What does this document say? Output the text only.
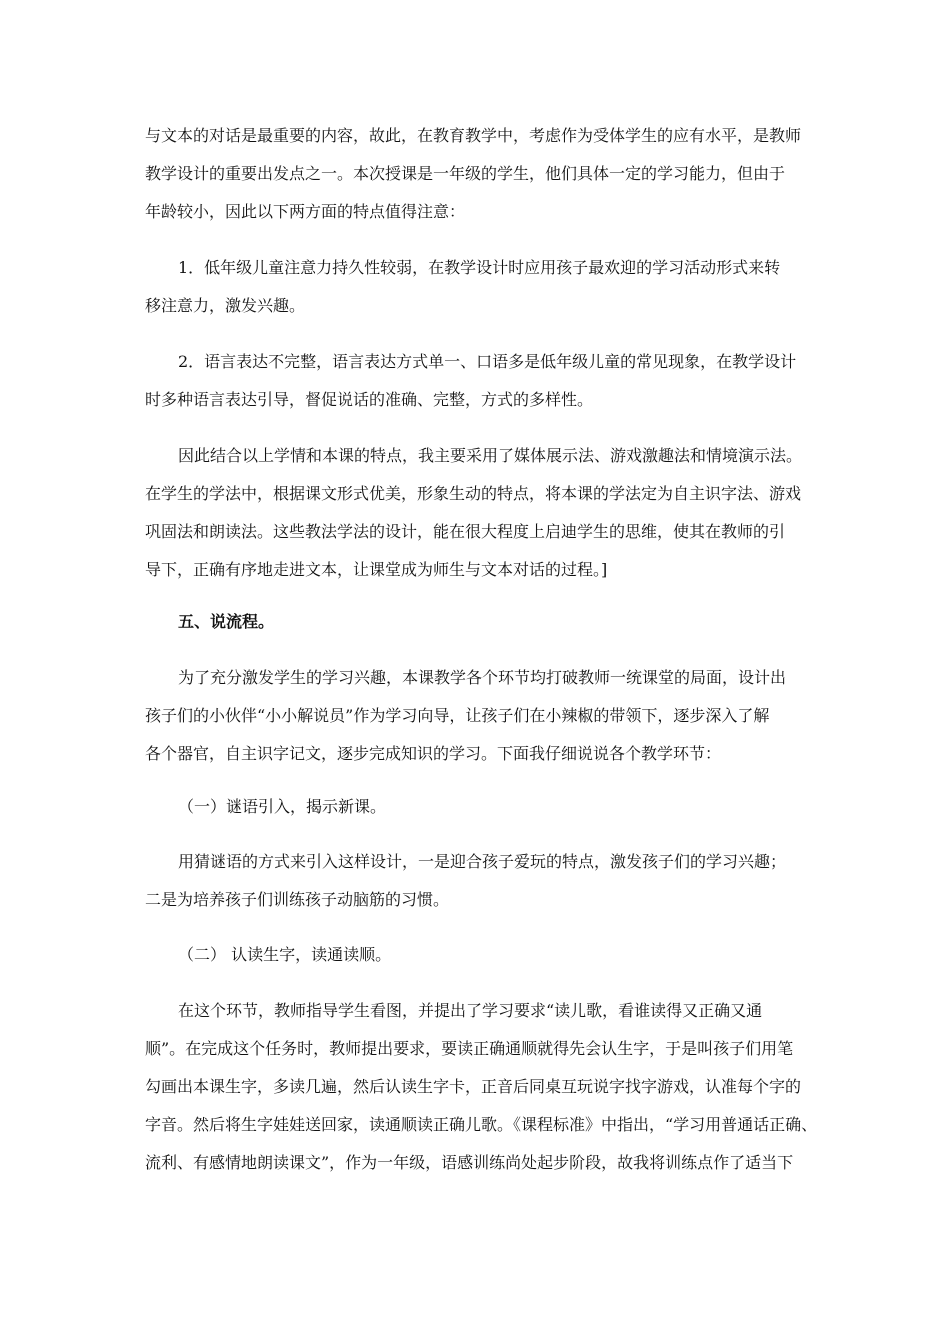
与文本的对话是最重要的内容，故此，在教育教学中，考虑作为受体学生的应有水平，是教师
教学设计的重要出发点之一。本次授课是一年级的学生，他们具体一定的学习能力，但由于
年龄较小，因此以下两方面的特点值得注意：
1．低年级儿童注意力持久性较弱，在教学设计时应用孩子最欢迎的学习活动形式来转
移注意力，激发兴趣。
2．语言表达不完整，语言表达方式单一、口语多是低年级儿童的常见现象，在教学设计
时多种语言表达引导，督促说话的准确、完整，方式的多样性。
因此结合以上学情和本课的特点，我主要采用了媒体展示法、游戏激趣法和情境演示法。
在学生的学法中，根据课文形式优美，形象生动的特点，将本课的学法定为自主识字法、游戏
巩固法和朗读法。这些教法学法的设计，能在很大程度上启迪学生的思维，使其在教师的引
导下，正确有序地走进文本，让课堂成为师生与文本对话的过程。]
五、说流程。
为了充分激发学生的学习兴趣，本课教学各个环节均打破教师一统课堂的局面，设计出
孩子们的小伙伴“小小解说员”作为学习向导，让孩子们在小辣椒的带领下，逐步深入了解
各个器官，自主识字记文，逐步完成知识的学习。下面我仔细说说各个教学环节：
（一）谜语引入，揭示新课。
用猜谜语的方式来引入这样设计，一是迎合孩子爱玩的特点，激发孩子们的学习兴趣；
二是为培养孩子们训练孩子动脑筋的习惯。
（二） 认读生字，读通读顺。
在这个环节，教师指导学生看图，并提出了学习要求“读儿歌，看谁读得又正确又通
顺”。在完成这个任务时，教师提出要求，要读正确通顺就得先会认生字，于是叫孩子们用笔
勾画出本课生字，多读几遍，然后认读生字卡，正音后同桌互玩说字找字游戏，认准每个字的
字音。然后将生字娃娃送回家，读通顺读正确儿歌。《课程标准》中指出，“学习用普通话正确、
流利、有感情地朗读课文”，作为一年级，语感训练尚处起步阶段，故我将训练点作了适当下
